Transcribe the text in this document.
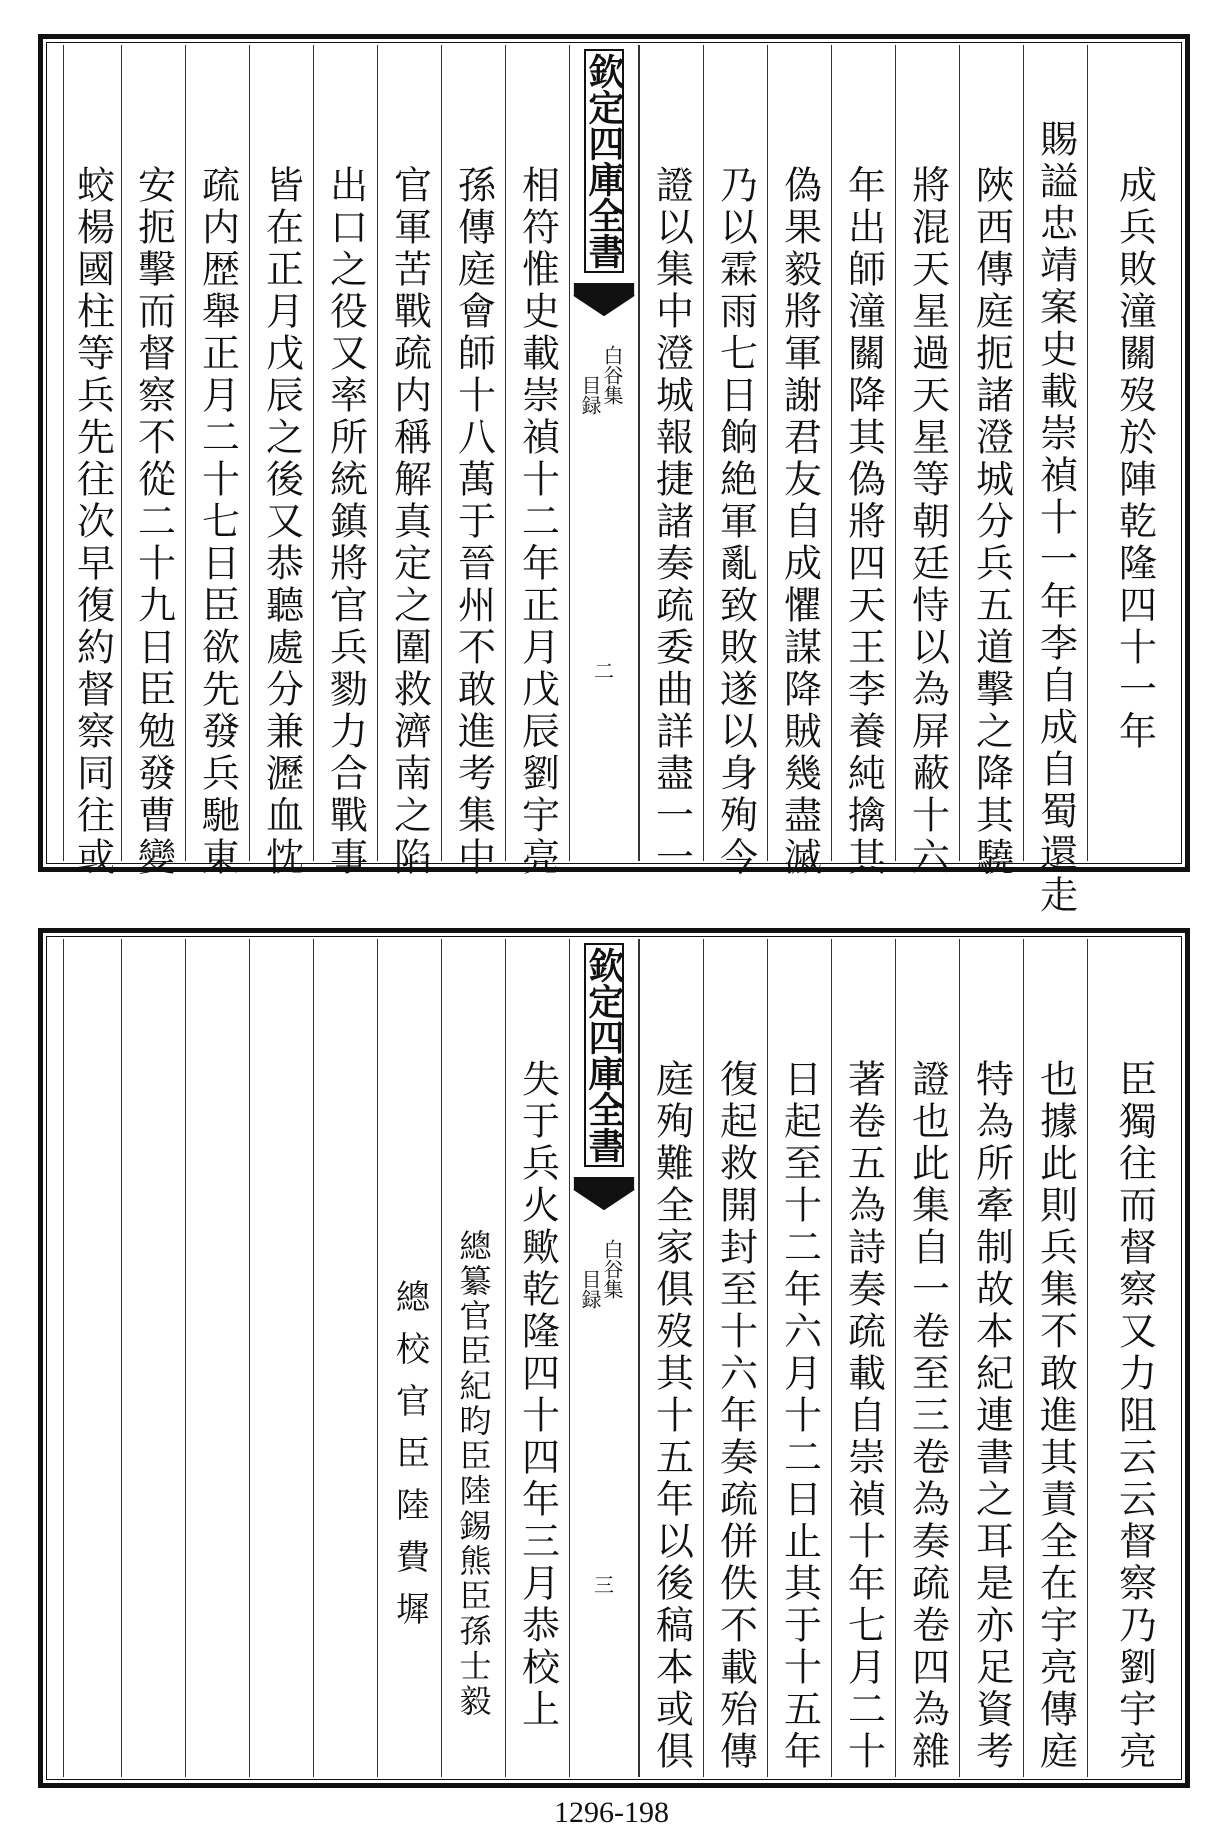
蛟楊國柱等兵先往次早復約督察同往或 安扼擊而督察不從二十九日臣勉發曹變 疏内歴舉正月二十七日臣欲先發兵馳東 皆在正月戊辰之後又恭聽處分兼瀝血忱 出口之役又率所統鎮將官兵勠力合戰事 官軍苦戰疏内稱解真定之圍救濟南之陷 孫傳庭會師十八萬于晉州不敢進考集中 相符惟史載崇禎十二年正月戊辰劉宇亮
欽定四庫全書
白谷集
目録
二 證以集中澄城報捷諸奏疏委曲詳盡一一 乃以霖雨七日餉絶軍亂致敗遂以身殉今 偽果毅將軍謝君友自成懼謀降賊幾盡滅 年出師潼關降其偽將四天王李養純擒其 將混天星過天星等朝廷恃以為屏蔽十六 陜西傳庭扼諸澄城分兵五道擊之降其驍 賜謚忠靖案史載崇禎十一年李自成自蜀還走 成兵敗潼關歿於陣乾隆四十一年
總校官臣陸費墀 總纂官臣紀昀臣陸錫熊臣孫士毅 失于兵火歟乾隆四十四年三月恭校上
欽定四庫全書
白谷集
目録
三 庭殉難全家俱歿其十五年以後稿本或俱 復起救開封至十六年奏疏併佚不載殆傳 日起至十二年六月十二日止其于十五年 著卷五為詩奏疏載自崇禎十年七月二十 證也此集自一卷至三卷為奏疏卷四為雜 特為所牽制故本紀連書之耳是亦足資考 也據此則兵集不敢進其責全在宇亮傳庭 臣獨往而督察又力阻云云督察乃劉宇亮
1296-198
